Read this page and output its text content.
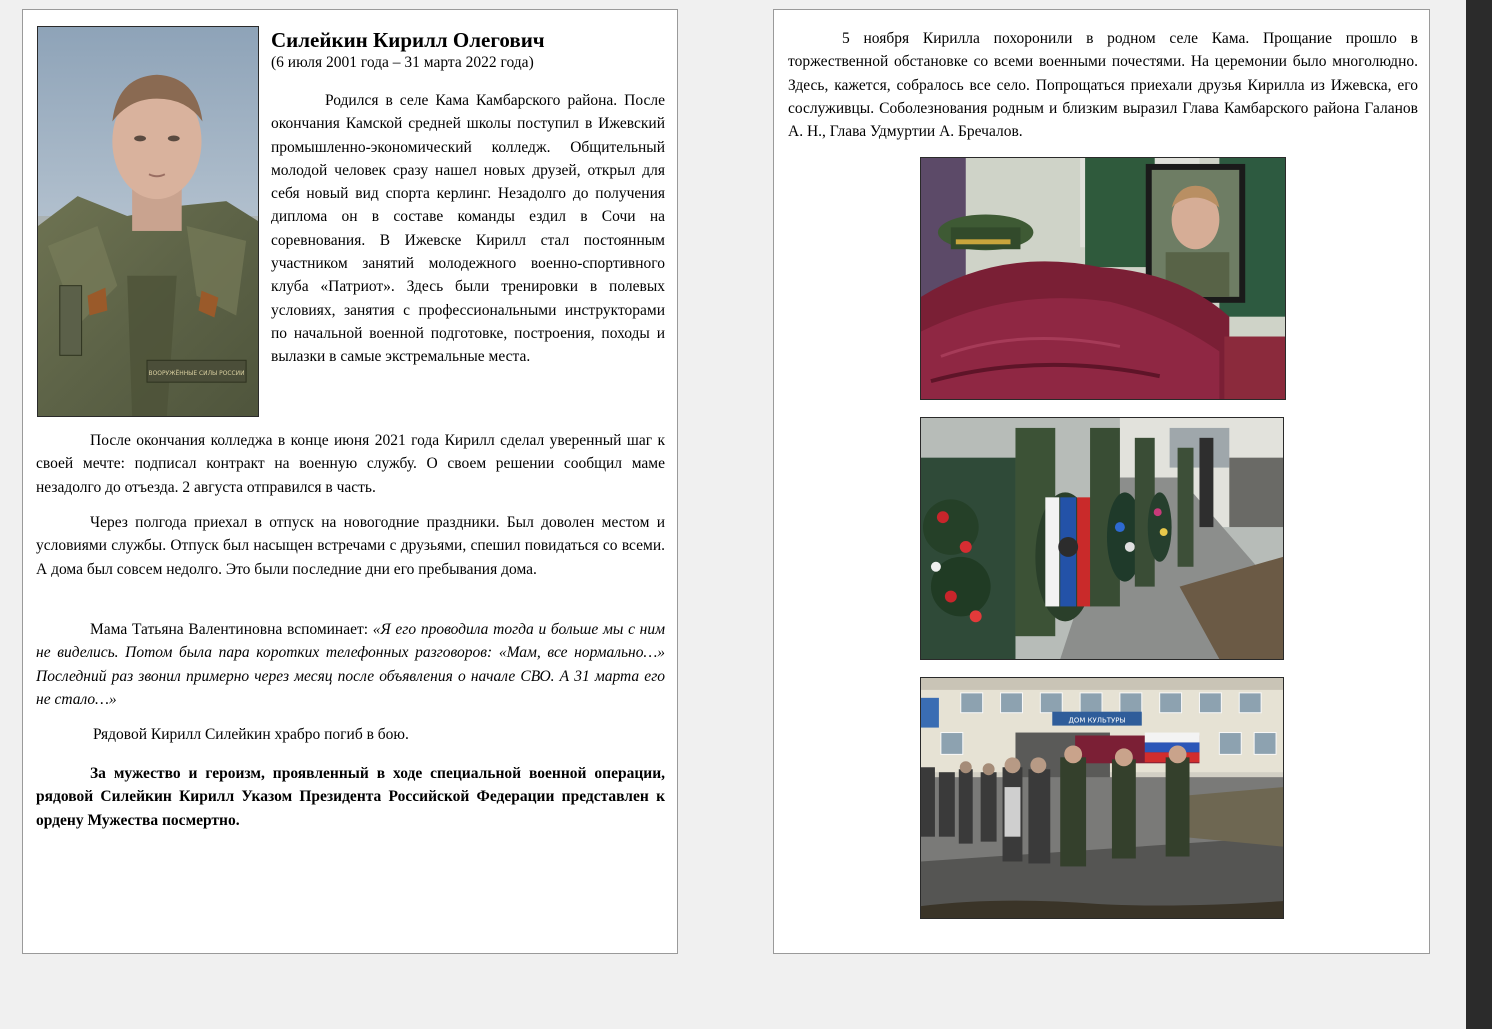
ВООРУЖЁННЫЕ СИЛЫ РОССИИ
Силейкин Кирилл Олегович
(6 июля 2001 года – 31 марта 2022 года)

Родился в селе Кама Камбарского района. После окончания Камской средней школы поступил в Ижевский промышленно-экономический колледж. Общительный молодой человек сразу нашел новых друзей, открыл для себя новый вид спорта керлинг. Незадолго до получения диплома он в составе команды ездил в Сочи на соревнования. В Ижевске Кирилл стал постоянным участником занятий молодежного военно-спортивного клуба «Патриот». Здесь были тренировки в полевых условиях, занятия с профессиональными инструкторами по начальной военной подготовке, построения, походы и вылазки в самые экстремальные места.

После окончания колледжа в конце июня 2021 года Кирилл сделал уверенный шаг к своей мечте: подписал контракт на военную службу. О своем решении сообщил маме незадолго до отъезда. 2 августа отправился в часть.

Через полгода приехал в отпуск на новогодние праздники. Был доволен местом и условиями службы. Отпуск был насыщен встречами с друзьями, спешил повидаться со всеми. А дома был совсем недолго. Это были последние дни его пребывания дома.

Мама Татьяна Валентиновна вспоминает: «Я его проводила тогда и больше мы с ним не виделись. Потом была пара коротких телефонных разговоров: «Мам, все нормально…» Последний раз звонил примерно через месяц после объявления о начале СВО. А 31 марта его не стало…»

Рядовой Кирилл Силейкин храбро погиб в бою.

За мужество и героизм, проявленный в ходе специальной военной операции, рядовой Силейкин Кирилл Указом Президента Российской Федерации представлен к ордену Мужества посмертно.

5 ноября Кирилла похоронили в родном селе Кама. Прощание прошло в торжественной обстановке со всеми военными почестями. На церемонии было многолюдно. Здесь, кажется, собралось все село. Попрощаться приехали друзья Кирилла из Ижевска, его сослуживцы. Соболезнования родным и близким выразил Глава Камбарского района Галанов А. Н., Глава Удмуртии А. Бречалов.

ДОМ КУЛЬТУРЫ
